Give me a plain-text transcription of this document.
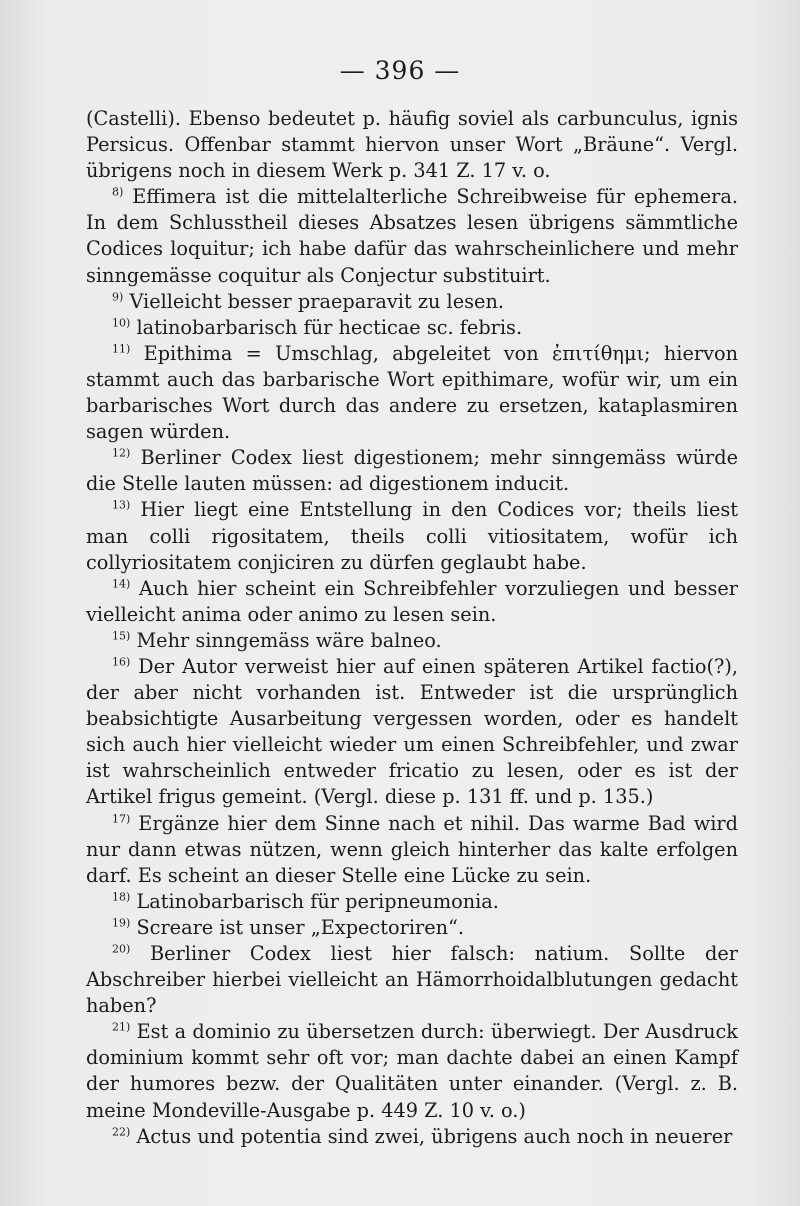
— 396 —

(Castelli). Ebenso bedeutet p. häufig soviel als carbunculus, ignis Persicus. Offenbar stammt hiervon unser Wort „Bräune“. Vergl. übrigens noch in diesem Werk p. 341 Z. 17 v. o.

$^{8)}$ Effimera ist die mittelalterliche Schreibweise für ephemera. In dem Schlusstheil dieses Absatzes lesen übrigens sämmtliche Codices loquitur; ich habe dafür das wahrscheinlichere und mehr sinngemässe coquitur als Conjectur substituirt.

$^{9)}$ Vielleicht besser praeparavit zu lesen.

$^{10)}$ latinobarbarisch für hecticae sc. febris.

$^{11)}$ Epithima = Umschlag, abgeleitet von ἐπιτίθημι; hiervon stammt auch das barbarische Wort epithimare, wofür wir, um ein barbarisches Wort durch das andere zu ersetzen, kataplasmiren sagen würden.

$^{12)}$ Berliner Codex liest digestionem; mehr sinngemäss würde die Stelle lauten müssen: ad digestionem inducit.

$^{13)}$ Hier liegt eine Entstellung in den Codices vor; theils liest man colli rigositatem, theils colli vitiositatem, wofür ich collyriositatem conjiciren zu dürfen geglaubt habe.

$^{14)}$ Auch hier scheint ein Schreibfehler vorzuliegen und besser vielleicht anima oder animo zu lesen sein.

$^{15)}$ Mehr sinngemäss wäre balneo.

$^{16)}$ Der Autor verweist hier auf einen späteren Artikel factio(?), der aber nicht vorhanden ist. Entweder ist die ursprünglich beabsichtigte Ausarbeitung vergessen worden, oder es handelt sich auch hier vielleicht wieder um einen Schreibfehler, und zwar ist wahrscheinlich entweder fricatio zu lesen, oder es ist der Artikel frigus gemeint. (Vergl. diese p. 131 ff. und p. 135.)

$^{17)}$ Ergänze hier dem Sinne nach et nihil. Das warme Bad wird nur dann etwas nützen, wenn gleich hinterher das kalte erfolgen darf. Es scheint an dieser Stelle eine Lücke zu sein.

$^{18)}$ Latinobarbarisch für peripneumonia.

$^{19)}$ Screare ist unser „Expectoriren“.

$^{20)}$ Berliner Codex liest hier falsch: natium. Sollte der Abschreiber hierbei vielleicht an Hämorrhoidalblutungen gedacht haben?

$^{21)}$ Est a dominio zu übersetzen durch: überwiegt. Der Ausdruck dominium kommt sehr oft vor; man dachte dabei an einen Kampf der humores bezw. der Qualitäten unter einander. (Vergl. z. B. meine Mondeville-Ausgabe p. 449 Z. 10 v. o.)

$^{22)}$ Actus und potentia sind zwei, übrigens auch noch in neuerer
